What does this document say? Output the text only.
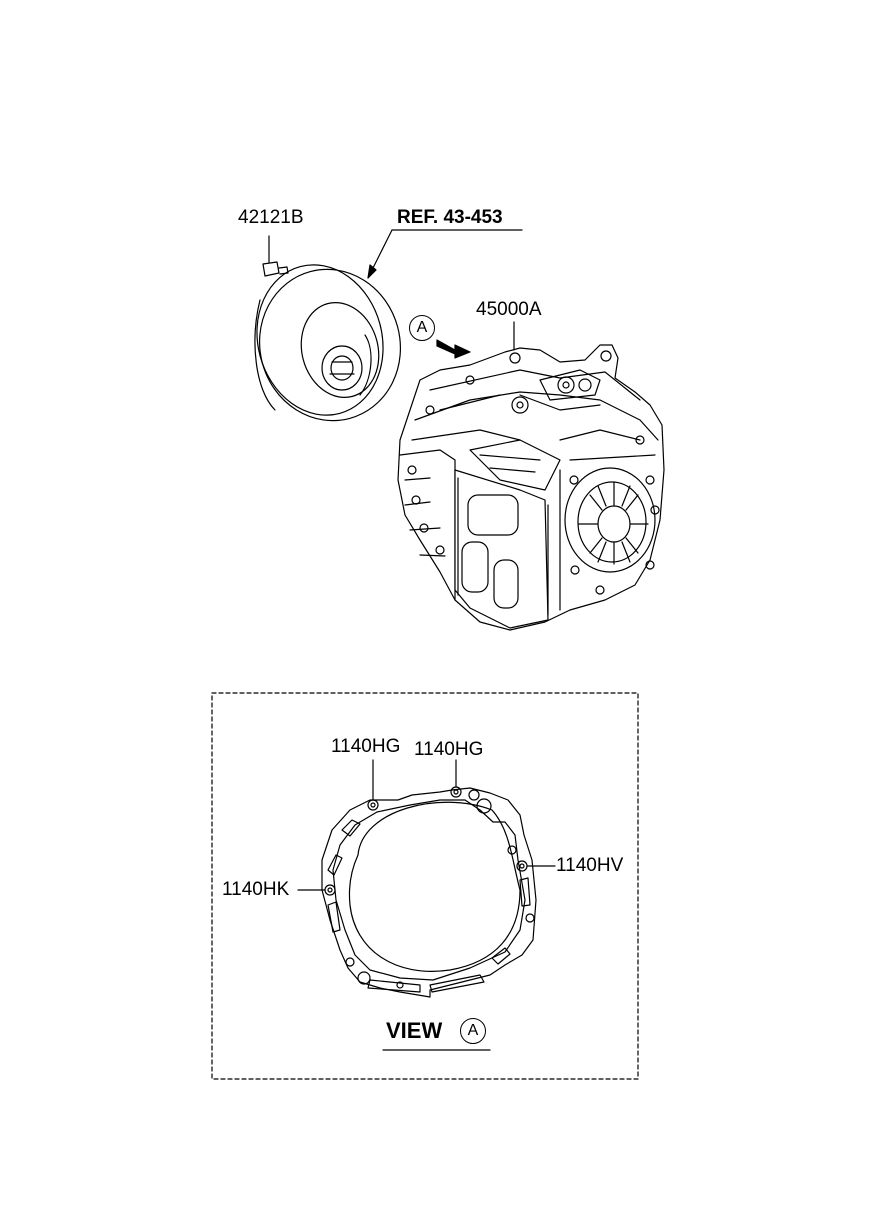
42121B	REF. 43-453
45000A
A
1140HG 1140HG
1140HK
1140HV
VIEW	A
